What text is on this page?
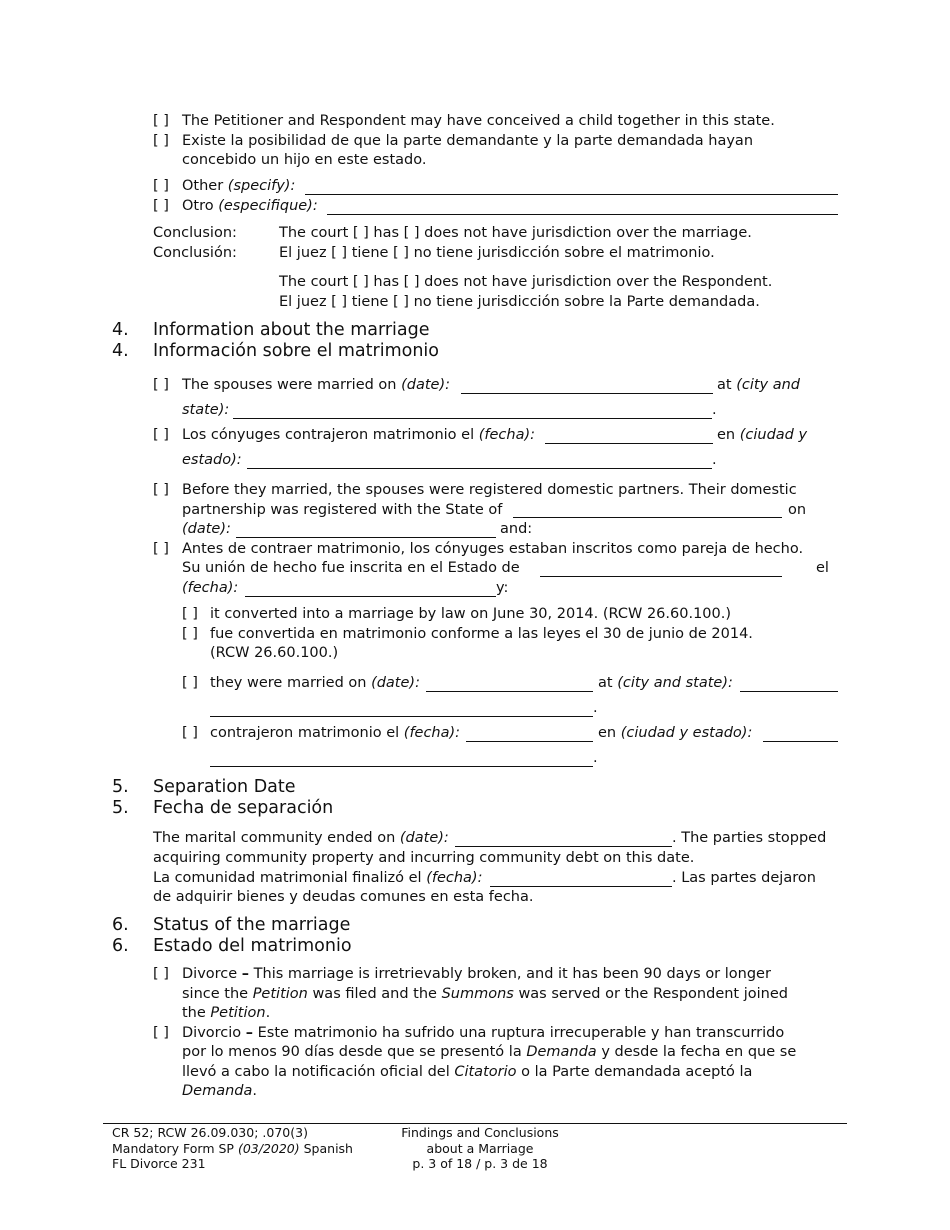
[ ] The Petitioner and Respondent may have conceived a child together in this state.
[ ] Existe la posibilidad de que la parte demandante y la parte demandada hayan
concebido un hijo en este estado.
[ ] Other (specify):
[ ] Otro (especifique):
Conclusion:	The court [ ] has [ ] does not have jurisdiction over the marriage.
Conclusión:	El juez [ ] tiene [ ] no tiene jurisdicción sobre el matrimonio.
The court [ ] has [ ] does not have jurisdiction over the Respondent.
El juez [ ] tiene [ ] no tiene jurisdicción sobre la Parte demandada.
4. Information about the marriage
4. Información sobre el matrimonio
[ ] The spouses were married on (date):	at (city and
state):	.
[ ] Los cónyuges contrajeron matrimonio el (fecha):	en (ciudad y
estado):	.
[ ] Before they married, the spouses were registered domestic partners. Their domestic
partnership was registered with the State of	on
(date):	and:
[ ] Antes de contraer matrimonio, los cónyuges estaban inscritos como pareja de hecho.
Su unión de hecho fue inscrita en el Estado de	el
(fecha):	y:
[ ] it converted into a marriage by law on June 30, 2014. (RCW 26.60.100.)
[ ] fue convertida en matrimonio conforme a las leyes el 30 de junio de 2014.
(RCW 26.60.100.)
[ ] they were married on (date):	at (city and state):
.
[ ] contrajeron matrimonio el (fecha):	en (ciudad y estado):
.
5. Separation Date
5. Fecha de separación
The marital community ended on (date):	. The parties stopped
acquiring community property and incurring community debt on this date.
La comunidad matrimonial finalizó el (fecha):	. Las partes dejaron
de adquirir bienes y deudas comunes en esta fecha.
6. Status of the marriage
6. Estado del matrimonio
[ ] Divorce – This marriage is irretrievably broken, and it has been 90 days or longer
since the Petition was filed and the Summons was served or the Respondent joined
the Petition.
[ ] Divorcio – Este matrimonio ha sufrido una ruptura irrecuperable y han transcurrido
por lo menos 90 días desde que se presentó la Demanda y desde la fecha en que se
llevó a cabo la notificación oficial del Citatorio o la Parte demandada aceptó la
Demanda.
CR 52; RCW 26.09.030; .070(3)
Mandatory Form SP (03/2020) Spanish
FL Divorce 231
Findings and Conclusions
about a Marriage
p. 3 of 18 / p. 3 de 18
